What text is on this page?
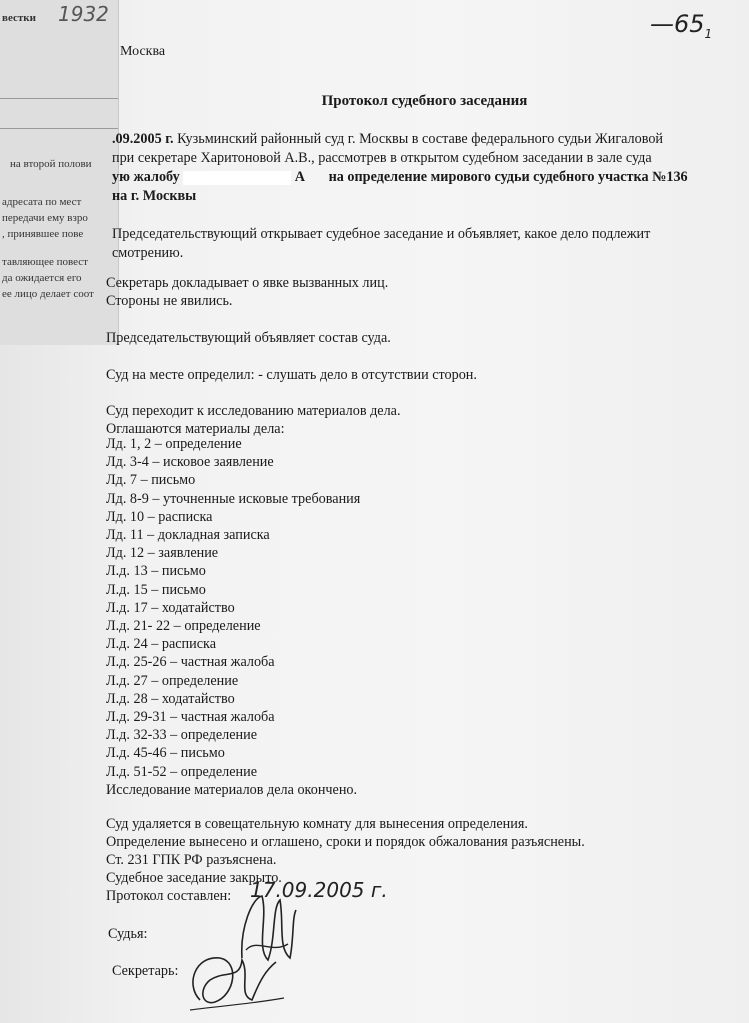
вестки 1932
на второй полови
адресата по мест
передачи ему взро
, принявшее пове
тавляющее повест
да ожидается его
ее лицо делает соот
$—65_1$
Москва
Протокол судебного заседания
.09.2005 г. Кузьминский районный суд г. Москвы в составе федерального судьи Жигаловой
при секретаре Харитоновой А.В., рассмотрев в открытом судебном заседании в зале суда
ую жалобу	А на определение мирового судьи судебного участка №136
на г. Москвы
Председательствующий открывает судебное заседание и объявляет, какое дело подлежит
смотрению.
Секретарь докладывает о явке вызванных лиц.
Стороны не явились.
Председательствующий объявляет состав суда.
Суд на месте определил: - слушать дело в отсутствии сторон.
Суд переходит к исследованию материалов дела.
Оглашаются материалы дела:
Лд. 1, 2 – определение
Лд. 3-4 – исковое заявление
Лд. 7 – письмо
Лд. 8-9 – уточненные исковые требования
Лд. 10 – расписка
Лд. 11 – докладная записка
Лд. 12 – заявление
Л.д. 13 – письмо
Л.д. 15 – письмо
Л.д. 17 – ходатайство
Л.д. 21- 22 – определение
Л.д. 24 – расписка
Л.д. 25-26 – частная жалоба
Л.д. 27 – определение
Л.д. 28 – ходатайство
Л.д. 29-31 – частная жалоба
Л.д. 32-33 – определение
Л.д. 45-46 – письмо
Л.д. 51-52 – определение
Исследование материалов дела окончено.
Суд удаляется в совещательную комнату для вынесения определения.
Определение вынесено и оглашено, сроки и порядок обжалования разъяснены.
Ст. 231 ГПК РФ разъяснена.
Судебное заседание закрыто.
Протокол составлен: 17.09.2005 г.
Судья:
Секретарь:
